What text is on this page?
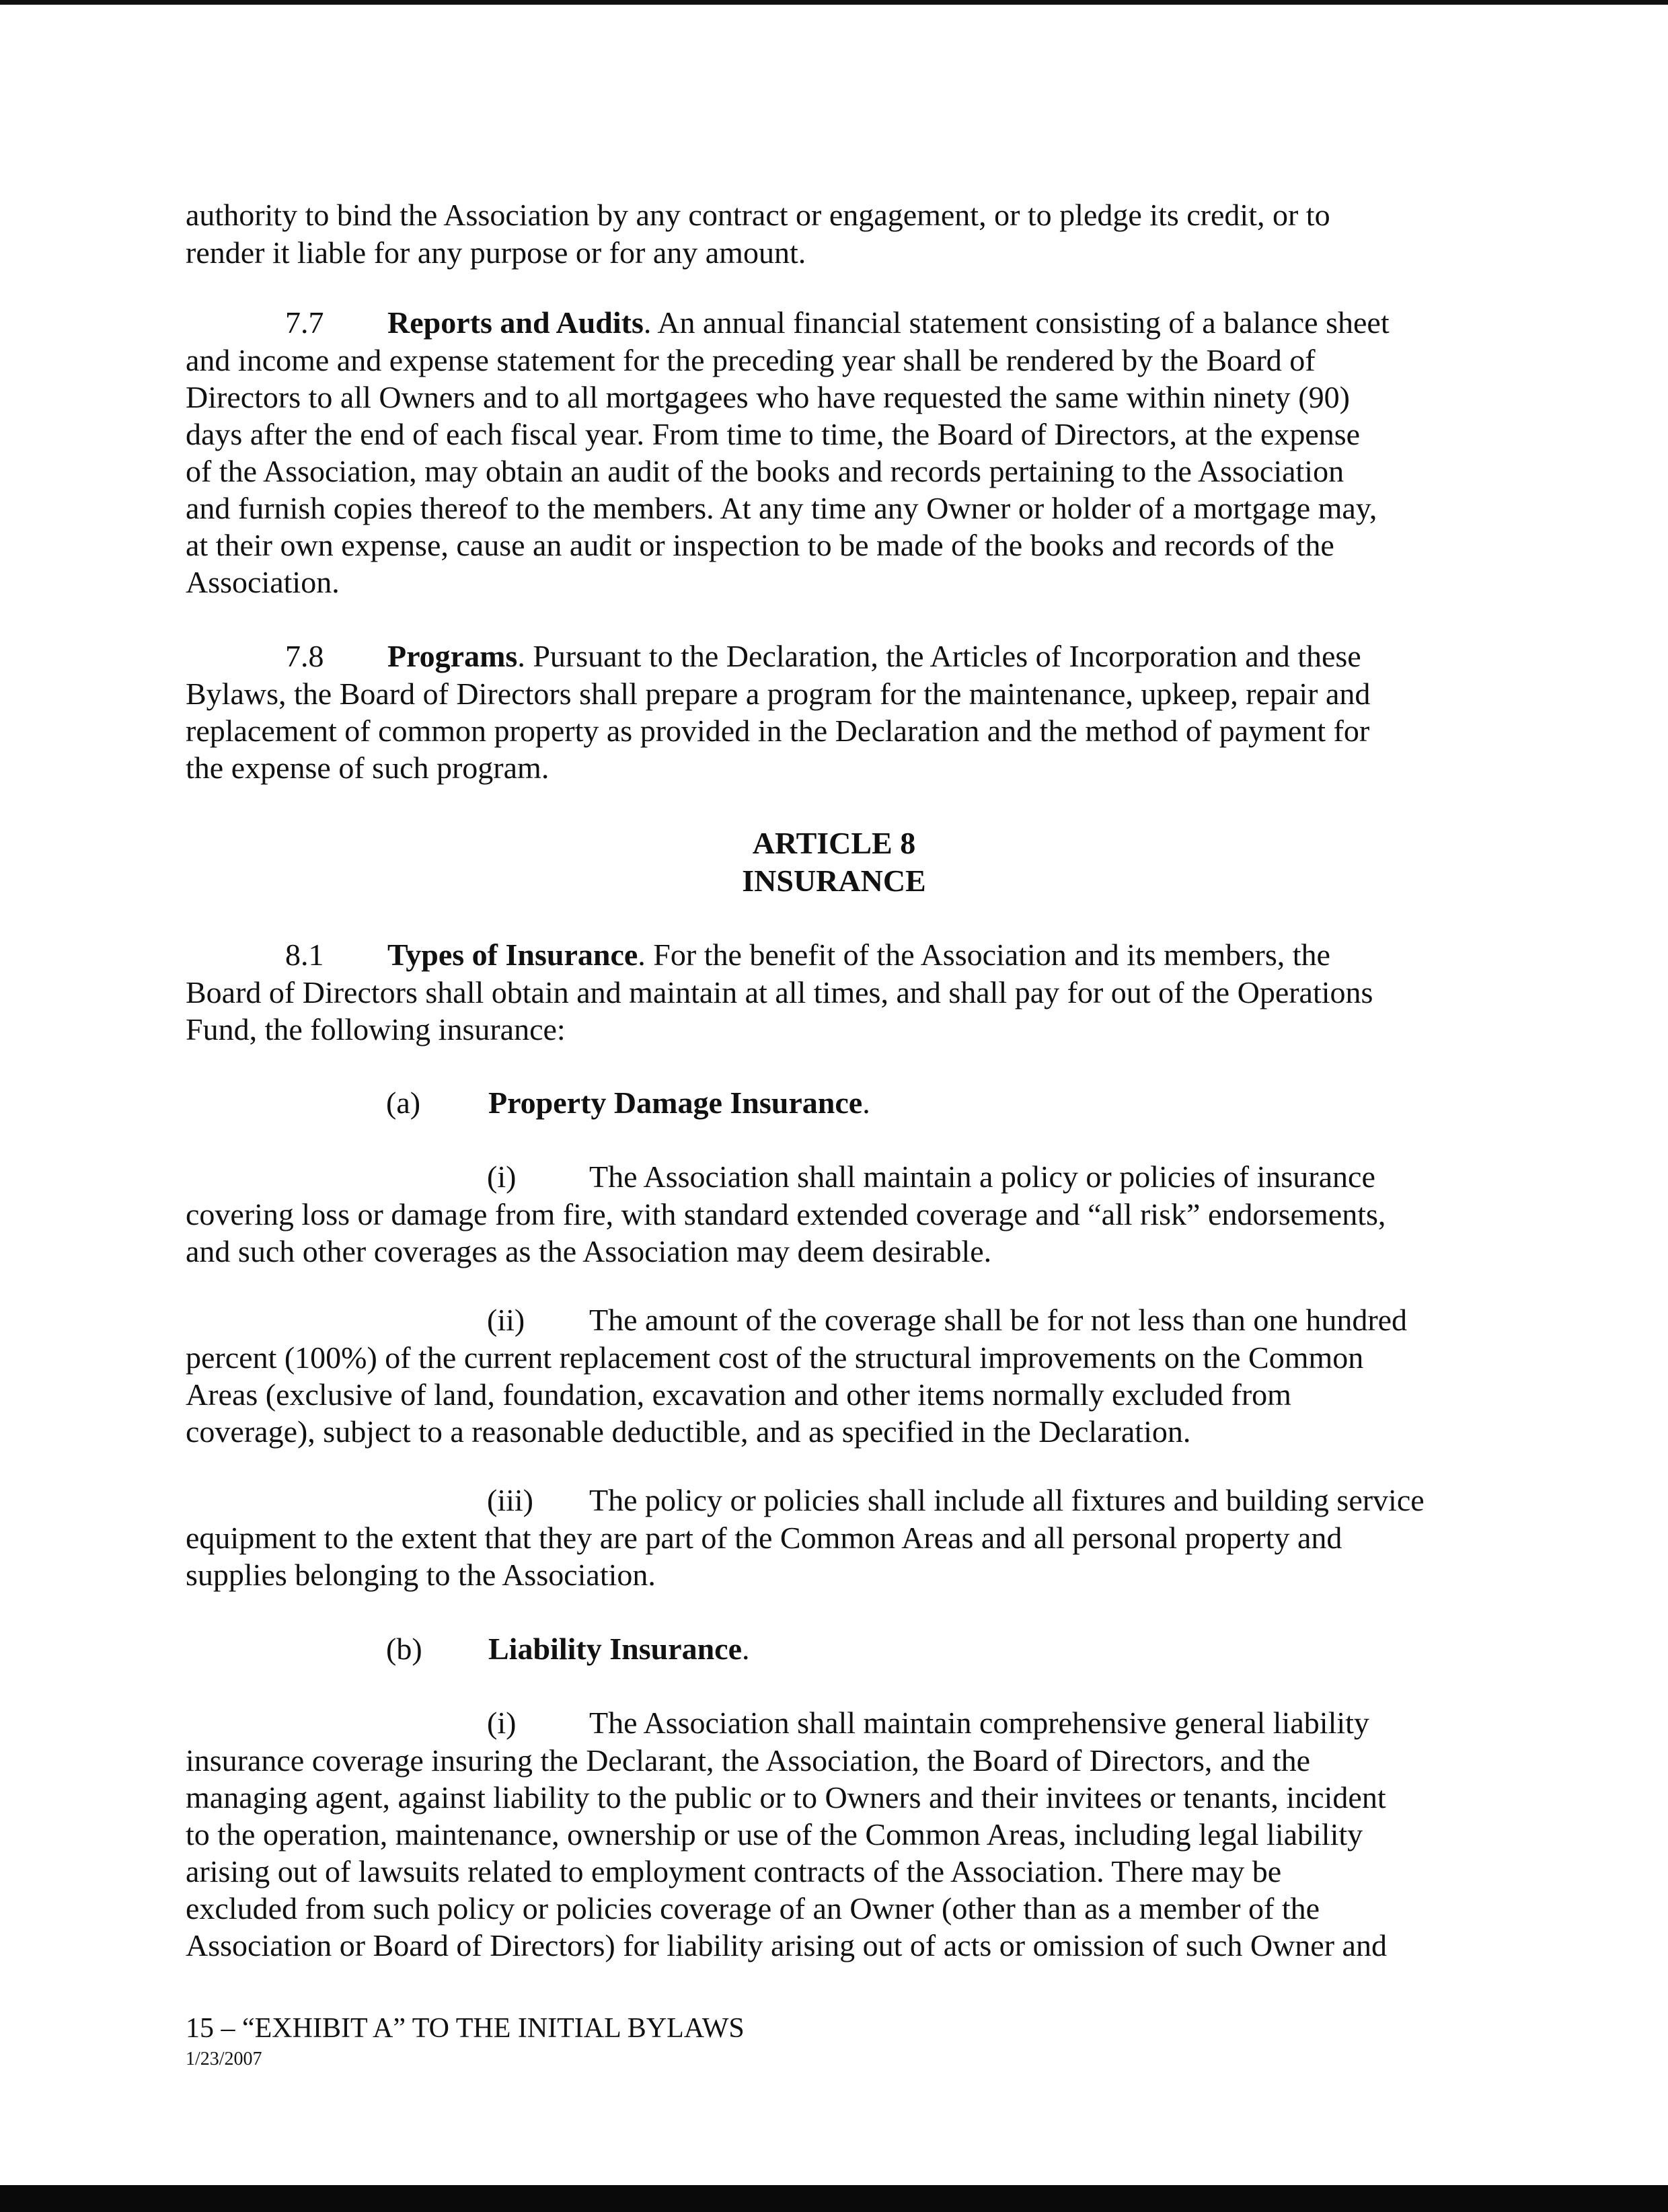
authority to bind the Association by any contract or engagement, or to pledge its credit, or to
render it liable for any purpose or for any amount.
7.7 Reports and Audits. An annual financial statement consisting of a balance sheet
and income and expense statement for the preceding year shall be rendered by the Board of
Directors to all Owners and to all mortgagees who have requested the same within ninety (90)
days after the end of each fiscal year. From time to time, the Board of Directors, at the expense
of the Association, may obtain an audit of the books and records pertaining to the Association
and furnish copies thereof to the members. At any time any Owner or holder of a mortgage may,
at their own expense, cause an audit or inspection to be made of the books and records of the
Association.
7.8 Programs. Pursuant to the Declaration, the Articles of Incorporation and these
Bylaws, the Board of Directors shall prepare a program for the maintenance, upkeep, repair and
replacement of common property as provided in the Declaration and the method of payment for
the expense of such program.
ARTICLE 8
INSURANCE
8.1 Types of Insurance. For the benefit of the Association and its members, the
Board of Directors shall obtain and maintain at all times, and shall pay for out of the Operations
Fund, the following insurance:
(a) Property Damage Insurance.
(i) The Association shall maintain a policy or policies of insurance
covering loss or damage from fire, with standard extended coverage and “all risk” endorsements,
and such other coverages as the Association may deem desirable.
(ii) The amount of the coverage shall be for not less than one hundred
percent (100%) of the current replacement cost of the structural improvements on the Common
Areas (exclusive of land, foundation, excavation and other items normally excluded from
coverage), subject to a reasonable deductible, and as specified in the Declaration.
(iii) The policy or policies shall include all fixtures and building service
equipment to the extent that they are part of the Common Areas and all personal property and
supplies belonging to the Association.
(b) Liability Insurance.
(i) The Association shall maintain comprehensive general liability
insurance coverage insuring the Declarant, the Association, the Board of Directors, and the
managing agent, against liability to the public or to Owners and their invitees or tenants, incident
to the operation, maintenance, ownership or use of the Common Areas, including legal liability
arising out of lawsuits related to employment contracts of the Association. There may be
excluded from such policy or policies coverage of an Owner (other than as a member of the
Association or Board of Directors) for liability arising out of acts or omission of such Owner and
15 – “EXHIBIT A” TO THE INITIAL BYLAWS
1/23/2007
